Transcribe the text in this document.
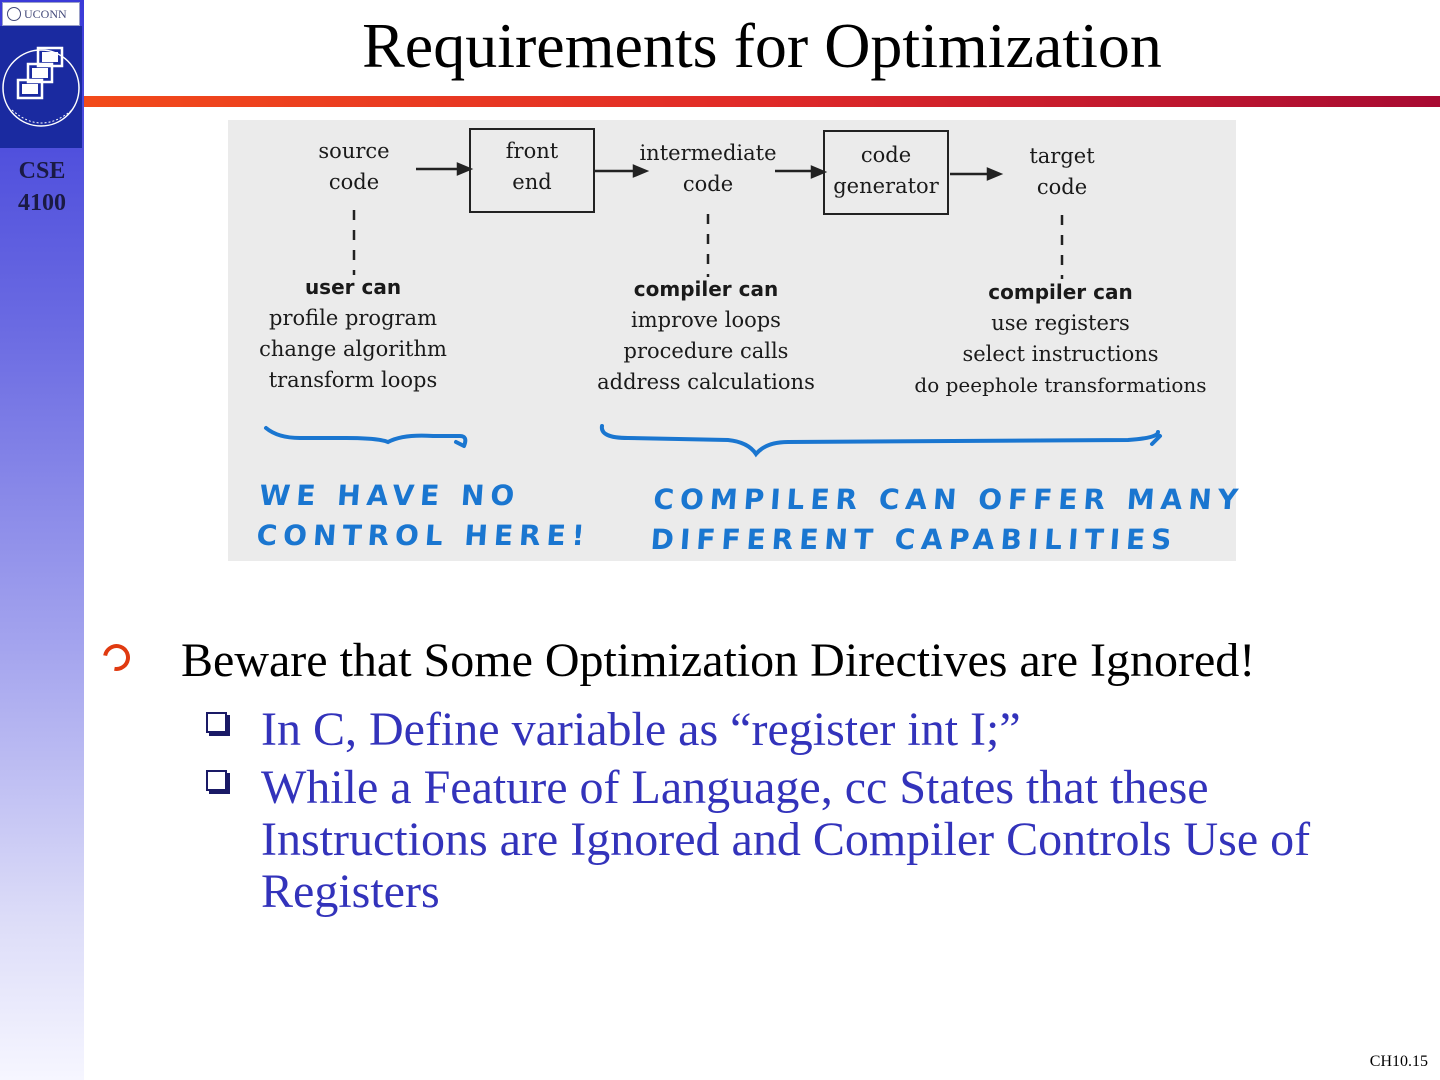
UCONN
CSE
4100
Requirements for Optimization
source
code
front
end
intermediate
code
code
generator
target
code
user can
profile program
change algorithm
transform loops
compiler can
improve loops
procedure calls
address calculations
compiler can
use registers
select instructions
do peephole transformations
WE HAVE NO
CONTROL HERE!
COMPILER CAN OFFER MANY
DIFFERENT CAPABILITIES
Beware that Some Optimization Directives are Ignored!
In C, Define variable as “register int I;”
While a Feature of Language, cc States that these Instructions are Ignored and Compiler Controls Use of Registers
CH10.15
